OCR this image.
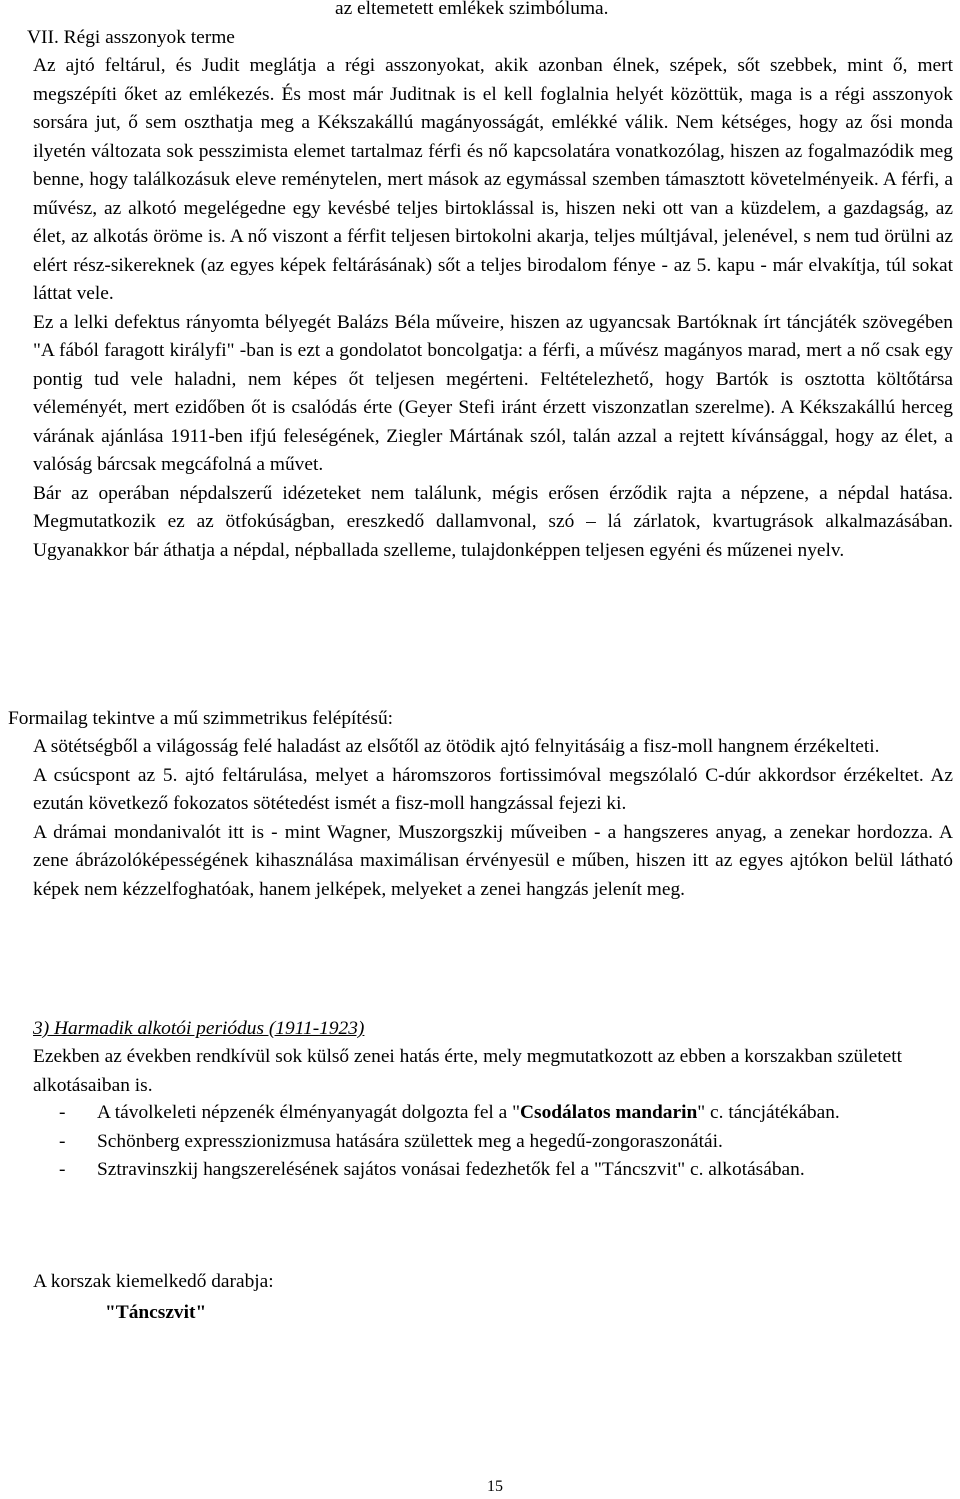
VII. Régi asszonyok terme

az eltemetett emlékek szimbóluma.

Az ajtó feltárul, és Judit meglátja a régi asszonyokat, akik azonban élnek, szépek, sőt szebbek, mint ő, mert megszépíti őket az emlékezés. És most már Juditnak is el kell foglalnia helyét közöttük, maga is a régi asszonyok sorsára jut, ő sem oszthatja meg a Kékszakállú magányosságát, emlékké válik. Nem kétséges, hogy az ősi monda ilyetén változata sok pesszimista elemet tartalmaz férfi és nő kapcsolatára vonatkozólag, hiszen az fogalmazódik meg benne, hogy találkozásuk eleve reménytelen, mert mások az egymással szemben támasztott követelményeik. A férfi, a művész, az alkotó megelégedne egy kevésbé teljes birtoklással is, hiszen neki ott van a küzdelem, a gazdagság, az élet, az alkotás öröme is. A nő viszont a férfit teljesen birtokolni akarja, teljes múltjával, jelenével, s nem tud örülni az elért rész-sikereknek (az egyes képek feltárásának) sőt a teljes birodalom fénye - az 5. kapu - már elvakítja, túl sokat láttat vele.

Ez a lelki defektus rányomta bélyegét Balázs Béla műveire, hiszen az ugyancsak Bartóknak írt táncjáték szövegében "A fából faragott királyfi" -ban is ezt a gondolatot boncolgatja: a férfi, a művész magányos marad, mert a nő csak egy pontig tud vele haladni, nem képes őt teljesen megérteni. Feltételezhető, hogy Bartók is osztotta költőtársa véleményét, mert ezidőben őt is csalódás érte (Geyer Stefi iránt érzett viszonzatlan szerelme). A Kékszakállú herceg várának ajánlása 1911-ben ifjú feleségének, Ziegler Mártának szól, talán azzal a rejtett kívánsággal, hogy az élet, a valóság bárcsak megcáfolná a művet.

Bár az operában népdalszerű idézeteket nem találunk, mégis erősen érződik rajta a népzene, a népdal hatása. Megmutatkozik ez az ötfokúságban, ereszkedő dallamvonal, szó – lá zárlatok, kvartugrások alkalmazásában. Ugyanakkor bár áthatja a népdal, népballada szelleme, tulajdonképpen teljesen egyéni és műzenei nyelv.

Formailag tekintve a mű szimmetrikus felépítésű:

A sötétségből a világosság felé haladást az elsőtől az ötödik ajtó felnyitásáig a fisz-moll hangnem érzékelteti.

A csúcspont az 5. ajtó feltárulása, melyet a háromszoros fortissimóval megszólaló C-dúr akkordsor érzékeltet. Az ezután következő fokozatos sötétedést ismét a fisz-moll hangzással fejezi ki.

A drámai mondanivalót itt is - mint Wagner, Muszorgszkij műveiben - a hangszeres anyag, a zenekar hordozza. A zene ábrázolóképességének kihasználása maximálisan érvényesül e műben, hiszen itt az egyes ajtókon belül látható képek nem kézzelfoghatóak, hanem jelképek, melyeket a zenei hangzás jelenít meg.

3) Harmadik alkotói periódus (1911-1923)
Ezekben az években rendkívül sok külső zenei hatás érte, mely megmutatkozott az ebben a korszakban született alkotásaiban is.
- A távolkeleti népzenék élményanyagát dolgozta fel a "Csodálatos mandarin" c. táncjátékában.
- Schönberg expresszionizmusa hatására születtek meg a hegedű-zongoraszonátái.
- Sztravinszkij hangszerelésének sajátos vonásai fedezhetők fel a "Táncszvit" c. alkotásában.
A korszak kiemelkedő darabja:
"Táncszvit"
15
